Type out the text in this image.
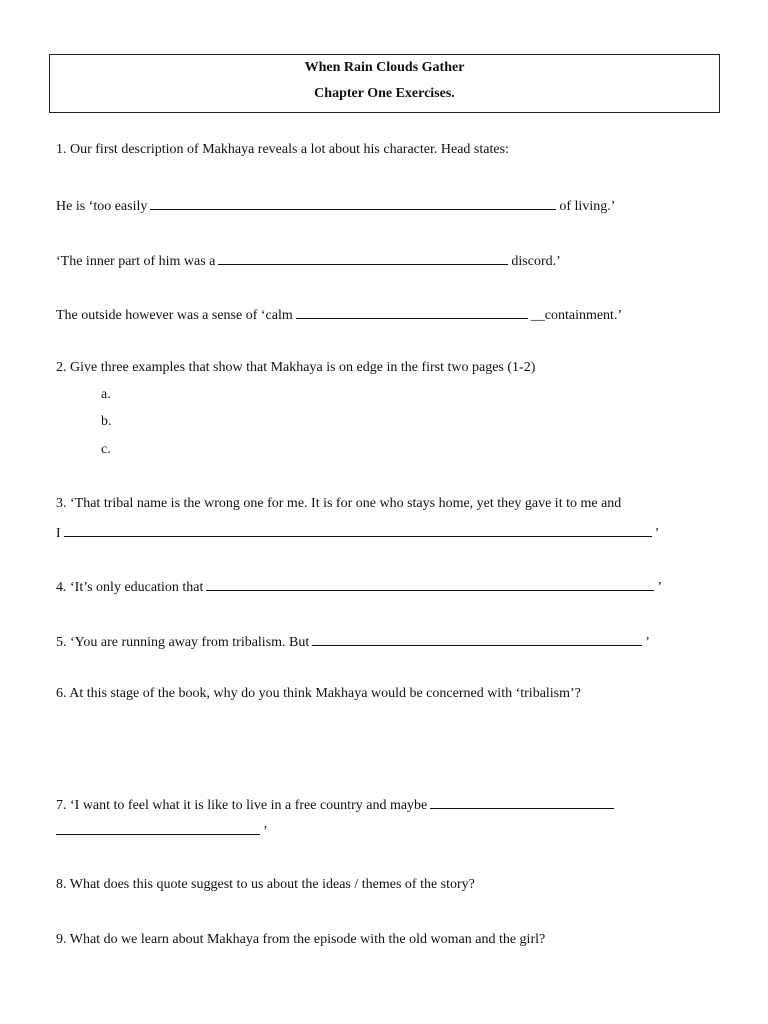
When Rain Clouds Gather
Chapter One Exercises.
1. Our first description of Makhaya reveals a lot about his character. Head states:
He is ‘too easily	of living.’
‘The inner part of him was a	discord.’
The outside however was a sense of ‘calm	__containment.’
2. Give three examples that show that Makhaya is on edge in the first two pages (1-2)
a.
b.
c.
3. ‘That tribal name is the wrong one for me. It is for one who stays home, yet they gave it to me and
I	’
4. ‘It’s only education that	’
5. ‘You are running away from tribalism. But	’
6. At this stage of the book, why do you think Makhaya would be concerned with ‘tribalism’?
7. ‘I want to feel what it is like to live in a free country and maybe
’
8. What does this quote suggest to us about the ideas / themes of the story?
9. What do we learn about Makhaya from the episode with the old woman and the girl?
